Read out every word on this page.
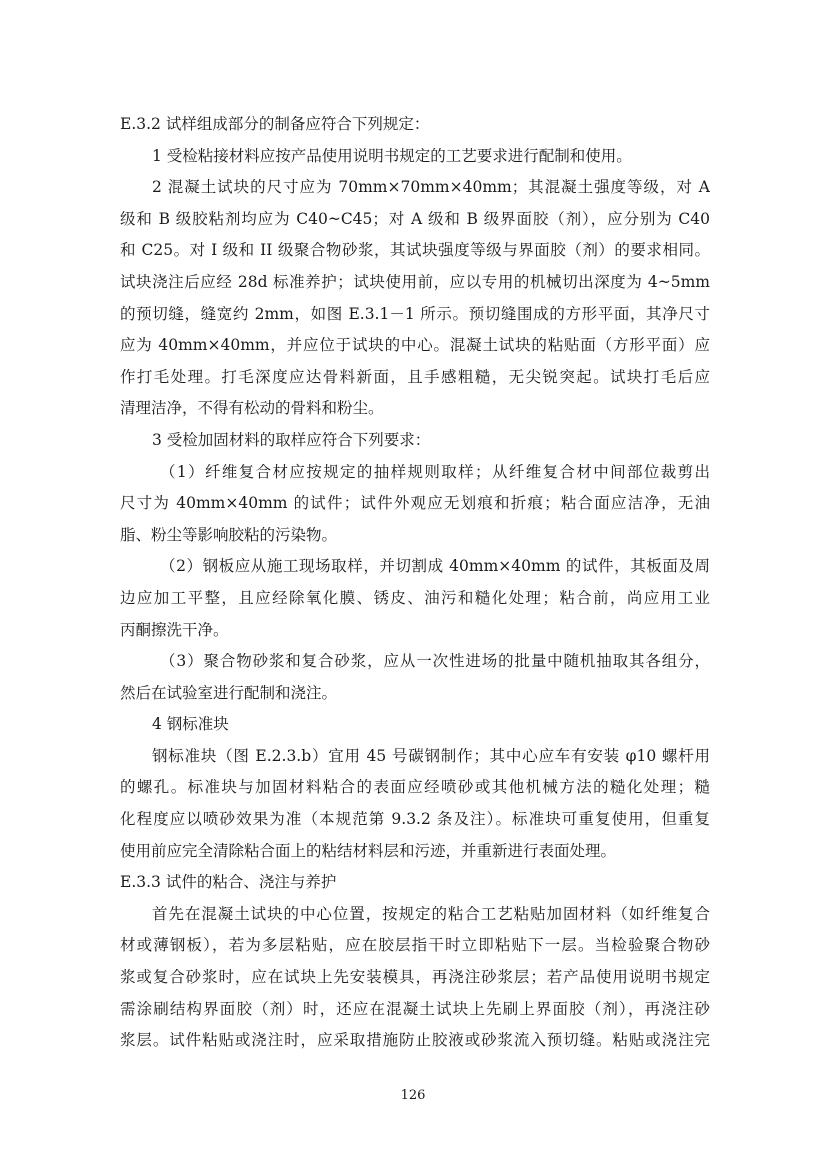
E.3.2 试样组成部分的制备应符合下列规定：
1 受检粘接材料应按产品使用说明书规定的工艺要求进行配制和使用。
2 混凝土试块的尺寸应为 70mm×70mm×40mm；其混凝土强度等级，对 A
级和 B 级胶粘剂均应为 C40~C45；对 A 级和 B 级界面胶（剂），应分别为 C40
和 C25。对 I 级和 II 级聚合物砂浆，其试块强度等级与界面胶（剂）的要求相同。
试块浇注后应经 28d 标准养护；试块使用前，应以专用的机械切出深度为 4~5mm
的预切缝，缝宽约 2mm，如图 E.3.1－1 所示。预切缝围成的方形平面，其净尺寸
应为 40mm×40mm，并应位于试块的中心。混凝土试块的粘贴面（方形平面）应
作打毛处理。打毛深度应达骨料新面，且手感粗糙，无尖锐突起。试块打毛后应
清理洁净，不得有松动的骨料和粉尘。
3 受检加固材料的取样应符合下列要求：
（1）纤维复合材应按规定的抽样规则取样；从纤维复合材中间部位裁剪出
尺寸为 40mm×40mm 的试件；试件外观应无划痕和折痕；粘合面应洁净，无油
脂、粉尘等影响胶粘的污染物。
（2）钢板应从施工现场取样，并切割成 40mm×40mm 的试件，其板面及周
边应加工平整，且应经除氧化膜、锈皮、油污和糙化处理；粘合前，尚应用工业
丙酮擦洗干净。
（3）聚合物砂浆和复合砂浆，应从一次性进场的批量中随机抽取其各组分，
然后在试验室进行配制和浇注。
4 钢标准块
钢标准块（图 E.2.3.b）宜用 45 号碳钢制作；其中心应车有安装 φ10 螺杆用
的螺孔。标准块与加固材料粘合的表面应经喷砂或其他机械方法的糙化处理；糙
化程度应以喷砂效果为准（本规范第 9.3.2 条及注）。标准块可重复使用，但重复
使用前应完全清除粘合面上的粘结材料层和污迹，并重新进行表面处理。
E.3.3 试件的粘合、浇注与养护
首先在混凝土试块的中心位置，按规定的粘合工艺粘贴加固材料（如纤维复合
材或薄钢板），若为多层粘贴，应在胶层指干时立即粘贴下一层。当检验聚合物砂
浆或复合砂浆时，应在试块上先安装模具，再浇注砂浆层；若产品使用说明书规定
需涂刷结构界面胶（剂）时，还应在混凝土试块上先刷上界面胶（剂），再浇注砂
浆层。试件粘贴或浇注时，应采取措施防止胶液或砂浆流入预切缝。粘贴或浇注完
126
